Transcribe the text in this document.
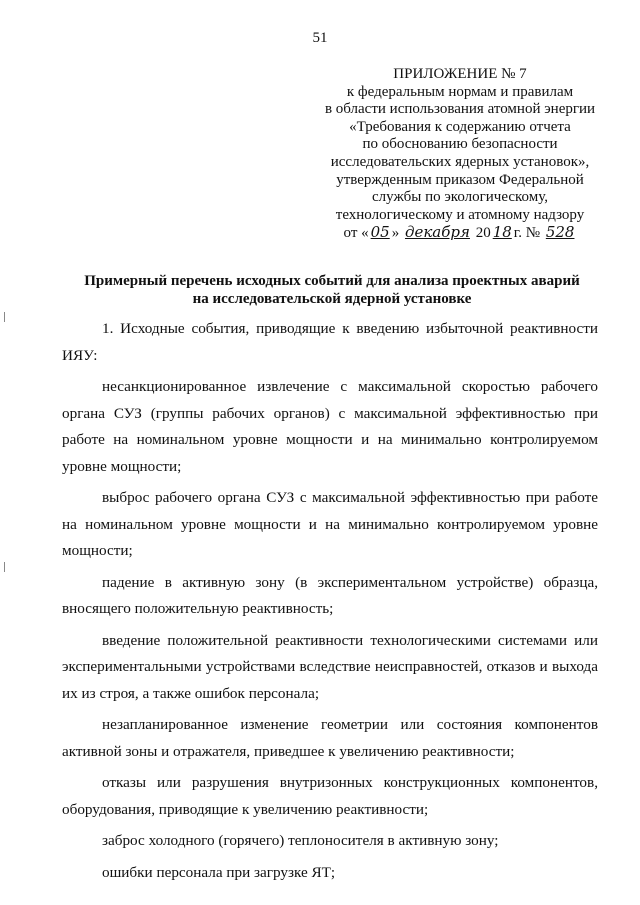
51
ПРИЛОЖЕНИЕ № 7
к федеральным нормам и правилам
в области использования атомной энергии
«Требования к содержанию отчета
по обоснованию безопасности
исследовательских ядерных установок»,
утвержденным приказом Федеральной
службы по экологическому,
технологическому и атомному надзору
от « 05 » декабря 20 18 г. № 528
Примерный перечень исходных событий для анализа проектных аварий
на исследовательской ядерной установке

1. Исходные события, приводящие к введению избыточной реактивности ИЯУ:

несанкционированное извлечение с максимальной скоростью рабочего органа СУЗ (группы рабочих органов) с максимальной эффективностью при работе на номинальном уровне мощности и на минимально контролируемом уровне мощности;

выброс рабочего органа СУЗ с максимальной эффективностью при работе на номинальном уровне мощности и на минимально контролируемом уровне мощности;

падение в активную зону (в экспериментальном устройстве) образца, вносящего положительную реактивность;

введение положительной реактивности технологическими системами или экспериментальными устройствами вследствие неисправностей, отказов и выхода их из строя, а также ошибок персонала;

незапланированное изменение геометрии или состояния компонентов активной зоны и отражателя, приведшее к увеличению реактивности;

отказы или разрушения внутризонных конструкционных компонентов, оборудования, приводящие к увеличению реактивности;

заброс холодного (горячего) теплоносителя в активную зону;

ошибки персонала при загрузке ЯТ;
